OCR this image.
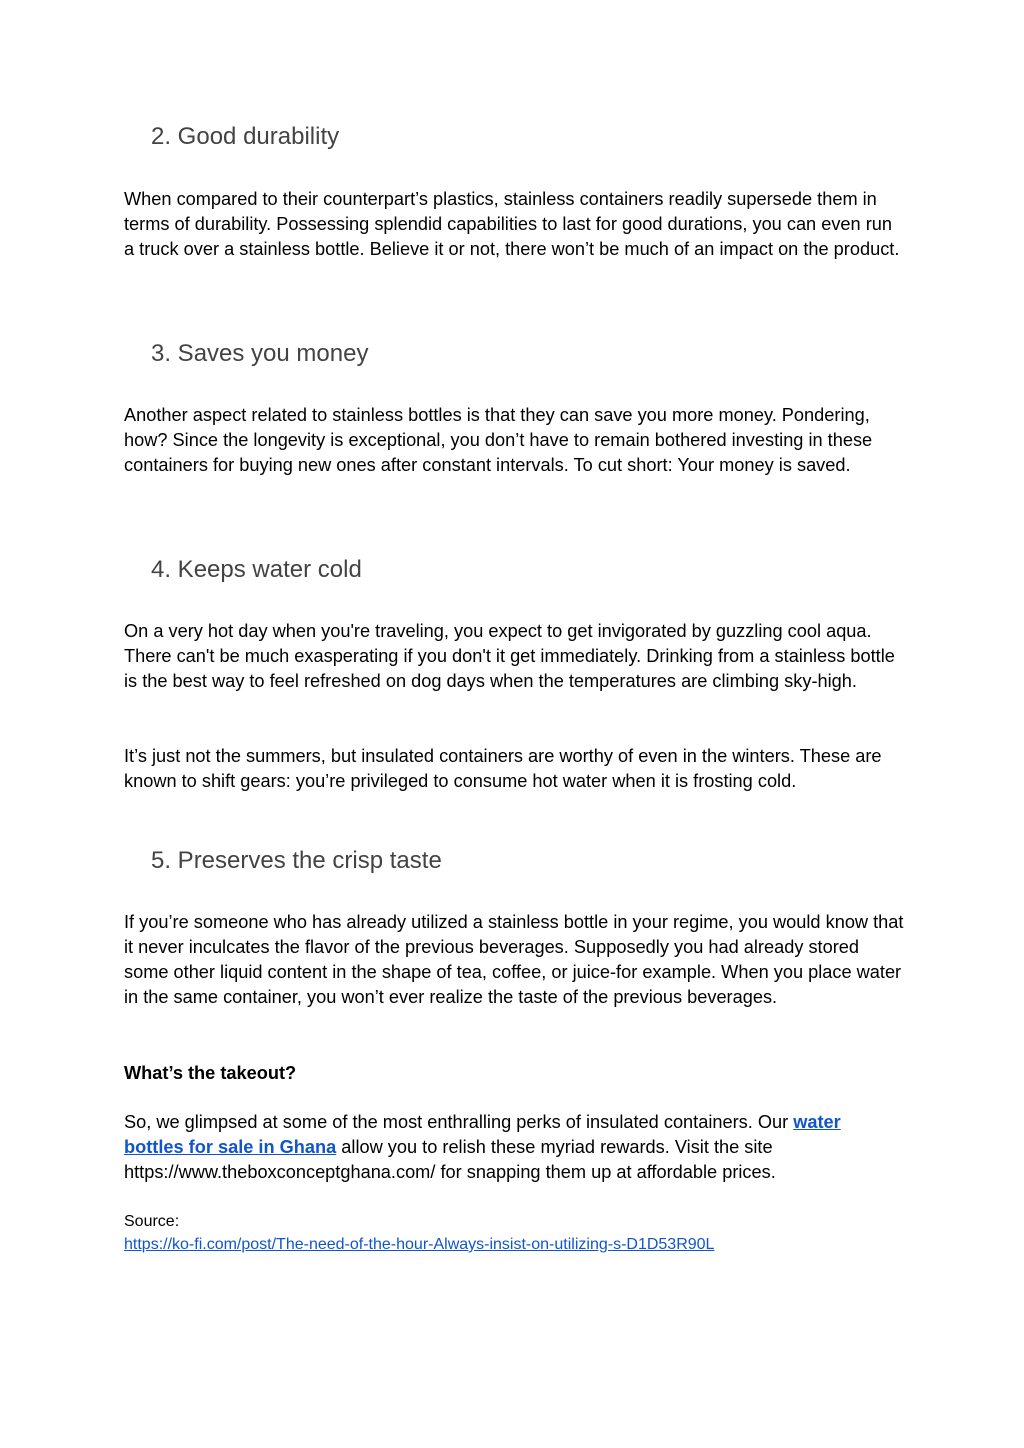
2. Good durability

When compared to their counterpart’s plastics, stainless containers readily supersede them in terms of durability. Possessing splendid capabilities to last for good durations, you can even run a truck over a stainless bottle. Believe it or not, there won’t be much of an impact on the product.

3. Saves you money

Another aspect related to stainless bottles is that they can save you more money. Pondering, how? Since the longevity is exceptional, you don’t have to remain bothered investing in these containers for buying new ones after constant intervals. To cut short: Your money is saved.

4. Keeps water cold

On a very hot day when you're traveling, you expect to get invigorated by guzzling cool aqua. There can't be much exasperating if you don't it get immediately. Drinking from a stainless bottle is the best way to feel refreshed on dog days when the temperatures are climbing sky-high.

It’s just not the summers, but insulated containers are worthy of even in the winters. These are known to shift gears: you’re privileged to consume hot water when it is frosting cold.

5. Preserves the crisp taste

If you’re someone who has already utilized a stainless bottle in your regime, you would know that it never inculcates the flavor of the previous beverages. Supposedly you had already stored some other liquid content in the shape of tea, coffee, or juice-for example. When you place water in the same container, you won’t ever realize the taste of the previous beverages.

What’s the takeout?

So, we glimpsed at some of the most enthralling perks of insulated containers. Our water bottles for sale in Ghana allow you to relish these myriad rewards. Visit the site https://www.theboxconceptghana.com/ for snapping them up at affordable prices.

Source:

https://ko-fi.com/post/The-need-of-the-hour-Always-insist-on-utilizing-s-D1D53R90L
